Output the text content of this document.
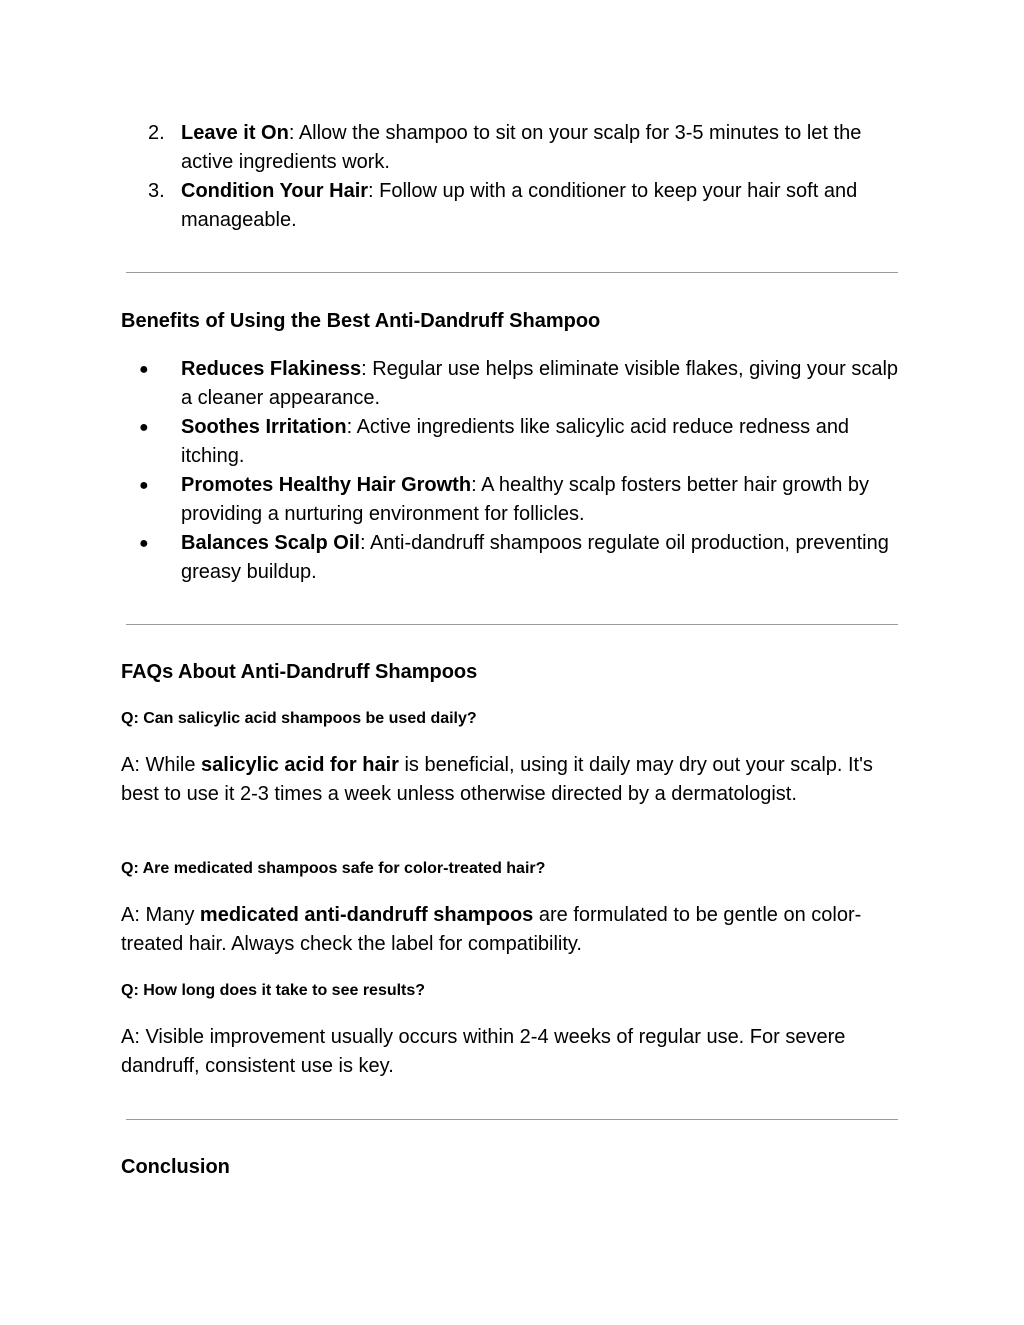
2. Leave it On: Allow the shampoo to sit on your scalp for 3-5 minutes to let the active ingredients work.
3. Condition Your Hair: Follow up with a conditioner to keep your hair soft and manageable.
Benefits of Using the Best Anti-Dandruff Shampoo
●	Reduces Flakiness: Regular use helps eliminate visible flakes, giving your scalp a cleaner appearance.
●	Soothes Irritation: Active ingredients like salicylic acid reduce redness and itching.
●	Promotes Healthy Hair Growth: A healthy scalp fosters better hair growth by providing a nurturing environment for follicles.
●	Balances Scalp Oil: Anti-dandruff shampoos regulate oil production, preventing greasy buildup.
FAQs About Anti-Dandruff Shampoos

Q: Can salicylic acid shampoos be used daily?

A: While salicylic acid for hair is beneficial, using it daily may dry out your scalp. It's best to use it 2-3 times a week unless otherwise directed by a dermatologist.

Q: Are medicated shampoos safe for color-treated hair?

A: Many medicated anti-dandruff shampoos are formulated to be gentle on color-treated hair. Always check the label for compatibility.

Q: How long does it take to see results?

A: Visible improvement usually occurs within 2-4 weeks of regular use. For severe dandruff, consistent use is key.

Conclusion
